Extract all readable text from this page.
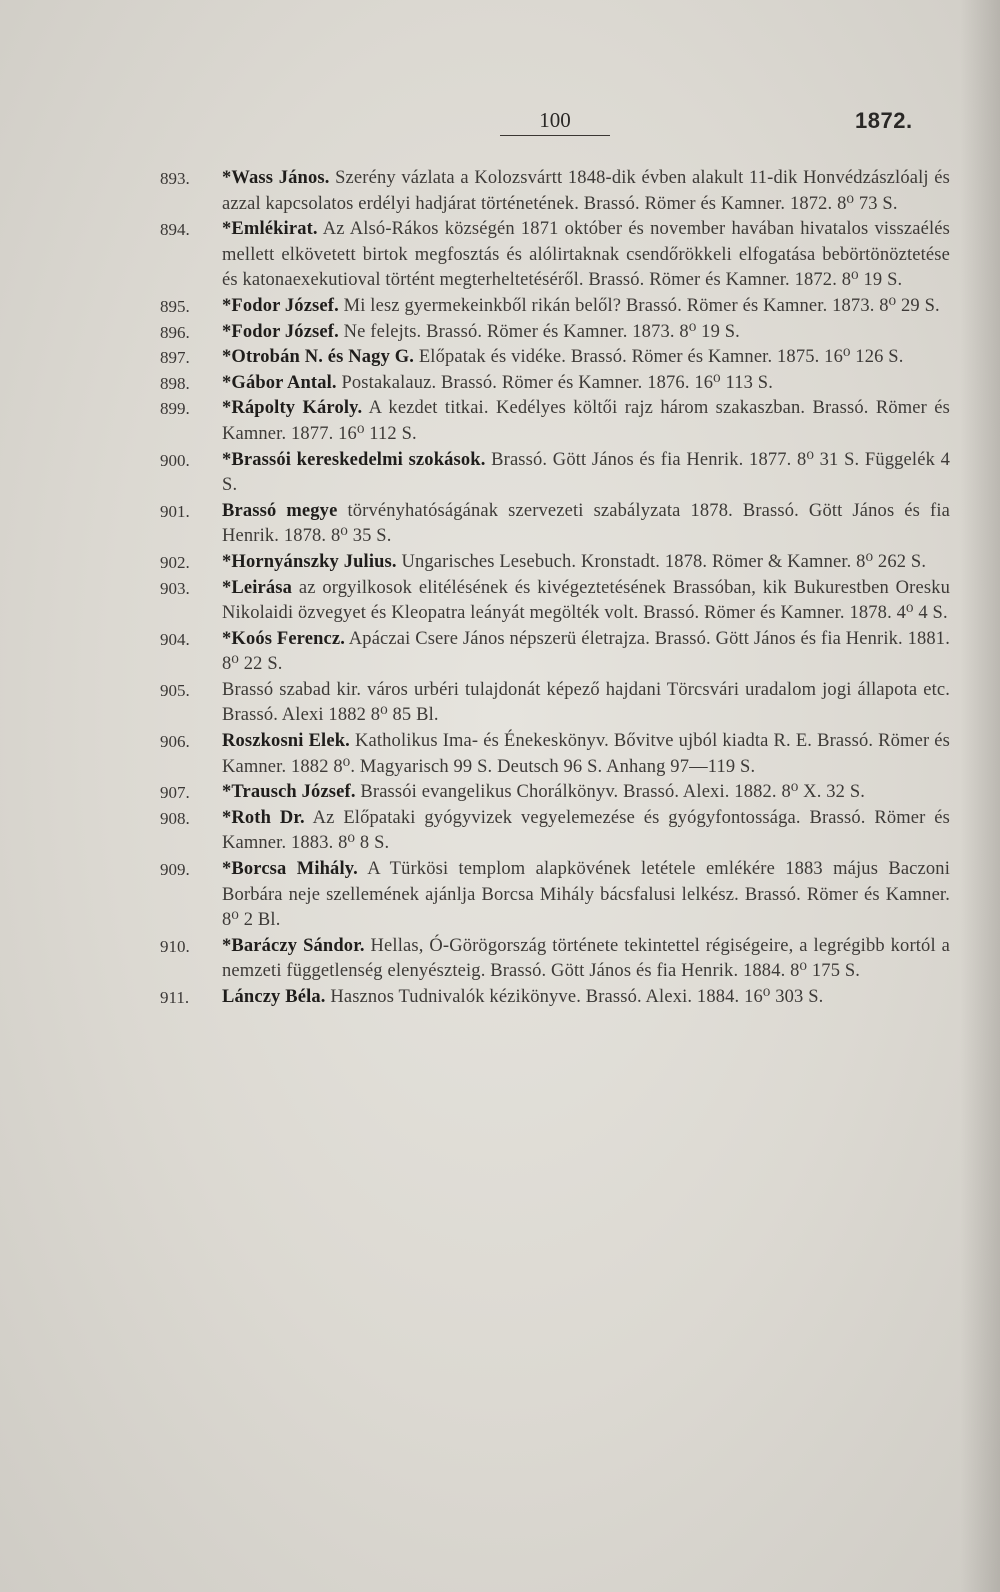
100	1872.
893.	*Wass János. Szerény vázlata a Kolozsvártt 1848-dik évben alakult 11-dik Honvédzászlóalj és azzal kapcsolatos erdélyi hadjárat történetének. Brassó. Römer és Kamner. 1872. 8⁰ 73 S.
894.	*Emlékirat. Az Alsó-Rákos községén 1871 október és november havában hivatalos visszaélés mellett elkövetett birtok megfosztás és alólirtaknak csendőrökkeli elfogatása bebörtönöztetése és katonaexekutioval történt megterheltetéséről. Brassó. Römer és Kamner. 1872. 8⁰ 19 S.
895.	*Fodor József. Mi lesz gyermekeinkből rikán belől? Brassó. Römer és Kamner. 1873. 8⁰ 29 S.
896.	*Fodor József. Ne felejts. Brassó. Römer és Kamner. 1873. 8⁰ 19 S.
897.	*Otrobán N. és Nagy G. Előpatak és vidéke. Brassó. Römer és Kamner. 1875. 16⁰ 126 S.
898.	*Gábor Antal. Postakalauz. Brassó. Römer és Kamner. 1876. 16⁰ 113 S.
899.	*Rápolty Károly. A kezdet titkai. Kedélyes költői rajz három szakaszban. Brassó. Römer és Kamner. 1877. 16⁰ 112 S.
900.	*Brassói kereskedelmi szokások. Brassó. Gött János és fia Henrik. 1877. 8⁰ 31 S. Függelék 4 S.
901.	Brassó megye törvényhatóságának szervezeti szabályzata 1878. Brassó. Gött János és fia Henrik. 1878. 8⁰ 35 S.
902.	*Hornyánszky Julius. Ungarisches Lesebuch. Kronstadt. 1878. Römer & Kamner. 8⁰ 262 S.
903.	*Leirása az orgyilkosok elitélésének és kivégeztetésének Brassóban, kik Bukurestben Oresku Nikolaidi özvegyet és Kleopatra leányát megölték volt. Brassó. Römer és Kamner. 1878. 4⁰ 4 S.
904.	*Koós Ferencz. Apáczai Csere János népszerü életrajza. Brassó. Gött János és fia Henrik. 1881. 8⁰ 22 S.
905.	Brassó szabad kir. város urbéri tulajdonát képező hajdani Törcsvári uradalom jogi állapota etc. Brassó. Alexi 1882 8⁰ 85 Bl.
906.	Roszkosni Elek. Katholikus Ima- és Énekeskönyv. Bővitve ujból kiadta R. E. Brassó. Römer és Kamner. 1882 8⁰. Magyarisch 99 S. Deutsch 96 S. Anhang 97—119 S.
907.	*Trausch József. Brassói evangelikus Chorálkönyv. Brassó. Alexi. 1882. 8⁰ X. 32 S.
908.	*Roth Dr. Az Előpataki gyógyvizek vegyelemezése és gyógyfontossága. Brassó. Römer és Kamner. 1883. 8⁰ 8 S.
909.	*Borcsa Mihály. A Türkösi templom alapkövének letétele emlékére 1883 május Baczoni Borbára neje szellemének ajánlja Borcsa Mihály bácsfalusi lelkész. Brassó. Römer és Kamner. 8⁰ 2 Bl.
910.	*Baráczy Sándor. Hellas, Ó-Görögország története tekintettel régiségeire, a legrégibb kortól a nemzeti függetlenség elenyészteig. Brassó. Gött János és fia Henrik. 1884. 8⁰ 175 S.
911.	Lánczy Béla. Hasznos Tudnivalók kézikönyve. Brassó. Alexi. 1884. 16⁰ 303 S.
